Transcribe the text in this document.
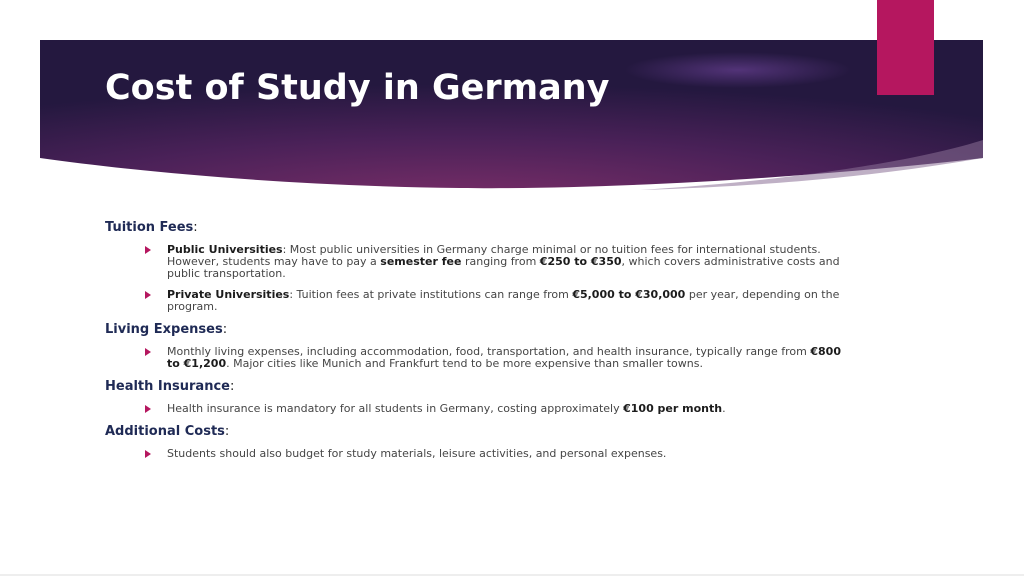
Cost of Study in Germany

Tuition Fees:

Public Universities: Most public universities in Germany charge minimal or no tuition fees for international students. However, students may have to pay a semester fee ranging from €250 to €350, which covers administrative costs and public transportation.
Private Universities: Tuition fees at private institutions can range from €5,000 to €30,000 per year, depending on the program.

Living Expenses:

Monthly living expenses, including accommodation, food, transportation, and health insurance, typically range from €800 to €1,200. Major cities like Munich and Frankfurt tend to be more expensive than smaller towns.

Health Insurance:

Health insurance is mandatory for all students in Germany, costing approximately €100 per month.

Additional Costs:

Students should also budget for study materials, leisure activities, and personal expenses.
